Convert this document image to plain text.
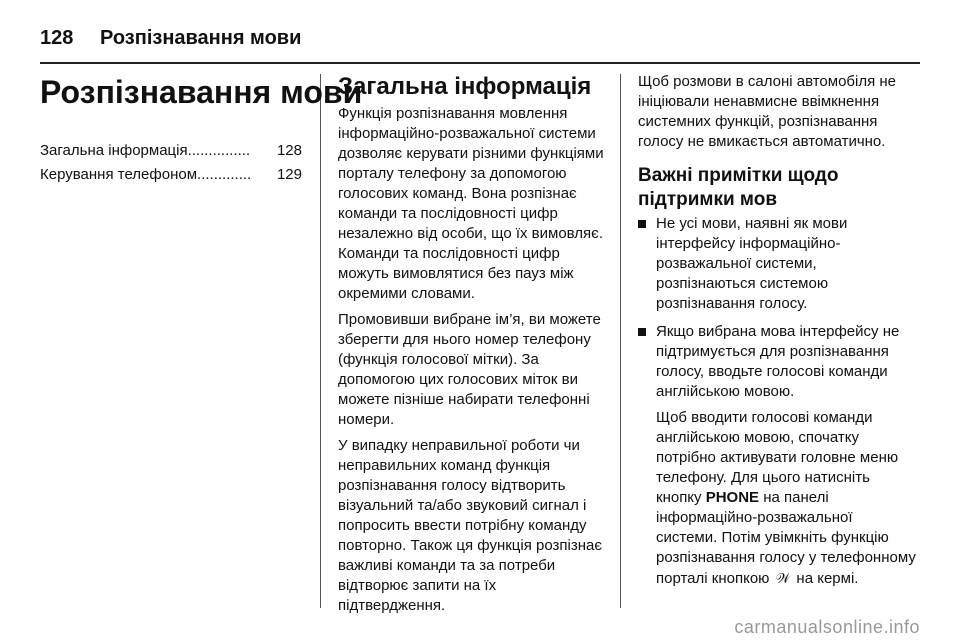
128	Розпізнавання мови
Розпізнавання мови
Загальна інформація ...............	128
Керування телефоном .............	129
Загальна інформація

Функція розпізнавання мовлення інформаційно-розважальної системи дозволяє керувати різними функціями порталу телефону за допомогою голосових команд. Вона розпізнає команди та послідовності цифр незалежно від особи, що їх вимовляє. Команди та послідовності цифр можуть вимовлятися без пауз між окремими словами.

Промовивши вибране ім’я, ви можете зберегти для нього номер телефону (функція голосової мітки). За допомогою цих голосових міток ви можете пізніше набирати телефонні номери.

У випадку неправильної роботи чи неправильних команд функція розпізнавання голосу відтворить візуальний та/або звуковий сигнал і попросить ввести потрібну команду повторно. Також ця функція розпізнає важливі команди та за потреби відтворює запити на їх підтвердження.

Щоб розмови в салоні автомобіля не ініціювали ненавмисне ввімкнення системних функцій, розпізнавання голосу не вмикається автоматично.

Важні примітки щодо підтримки мов
Не усі мови, наявні як мови інтерфейсу інформаційно-розважальної системи, розпізнаються системою розпізнавання голосу.
Якщо вибрана мова інтерфейсу не підтримується для розпізнавання голосу, вводьте голосові команди англійською мовою.
Щоб вводити голосові команди англійською мовою, спочатку потрібно активувати головне меню телефону. Для цього натисніть кнопку PHONE на панелі інформаційно-розважальної системи. Потім увімкніть функцію розпізнавання голосу у телефонному порталі кнопкою 𝒲 на кермі.
carmanualsonline.info
